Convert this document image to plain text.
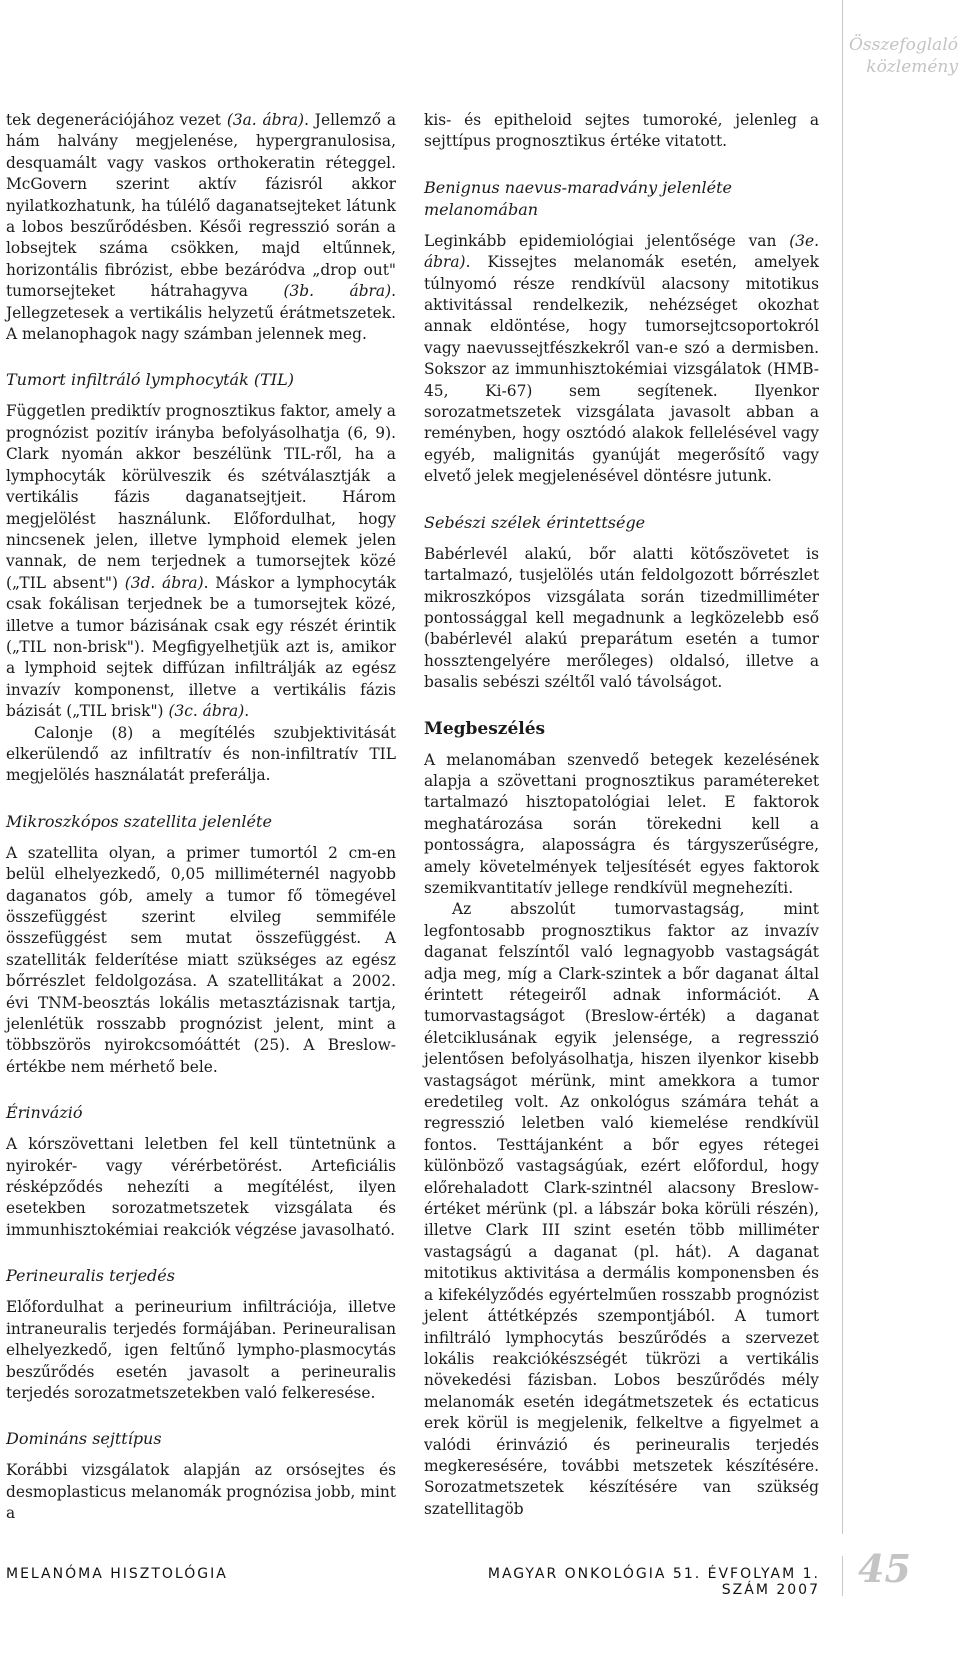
Összefoglaló
közlemény

tek degenerációjához vezet (3a. ábra). Jellemző a hám halvány megjelenése, hypergranulosisa, desquamált vagy vaskos orthokeratin réteggel. McGovern szerint aktív fázisról akkor nyilatkozhatunk, ha túlélő daganatsejteket látunk a lobos beszűrődésben. Késői regresszió során a lobsejtek száma csökken, majd eltűnnek, horizontális fibrózist, ebbe bezáródva „drop out" tumorsejteket hátrahagyva (3b. ábra). Jellegzetesek a vertikális helyzetű érátmetszetek. A melanophagok nagy számban jelennek meg.

Tumort infiltráló lymphocyták (TIL)

Független prediktív prognosztikus faktor, amely a prognózist pozitív irányba befolyásolhatja (6, 9). Clark nyomán akkor beszélünk TIL-ről, ha a lymphocyták körülveszik és szétválasztják a vertikális fázis daganatsejtjeit. Három megjelölést használunk. Előfordulhat, hogy nincsenek jelen, illetve lymphoid elemek jelen vannak, de nem terjednek a tumorsejtek közé („TIL absent") (3d. ábra). Máskor a lymphocyták csak fokálisan terjednek be a tumorsejtek közé, illetve a tumor bázisának csak egy részét érintik („TIL non-brisk"). Megfigyelhetjük azt is, amikor a lymphoid sejtek diffúzan infiltrálják az egész invazív komponenst, illetve a vertikális fázis bázisát („TIL brisk") (3c. ábra).

Calonje (8) a megítélés szubjektivitását elkerülendő az infiltratív és non-infiltratív TIL megjelölés használatát preferálja.

Mikroszkópos szatellita jelenléte

A szatellita olyan, a primer tumortól 2 cm-en belül elhelyezkedő, 0,05 milliméternél nagyobb daganatos gób, amely a tumor fő tömegével összefüggést szerint elvileg semmiféle összefüggést sem mutat összefüggést. A szatelliták felderítése miatt szükséges az egész bőrrészlet feldolgozása. A szatellitákat a 2002. évi TNM-beosztás lokális metasztázisnak tartja, jelenlétük rosszabb prognózist jelent, mint a többszörös nyirokcsomóáttét (25). A Breslow-értékbe nem mérhető bele.

Érinvázió

A kórszövettani leletben fel kell tüntetnünk a nyirokér- vagy vérérbetörést. Arteficiális résképződés nehezíti a megítélést, ilyen esetekben sorozatmetszetek vizsgálata és immunhisztokémiai reakciók végzése javasolható.

Perineuralis terjedés

Előfordulhat a perineurium infiltrációja, illetve intraneuralis terjedés formájában. Perineuralisan elhelyezkedő, igen feltűnő lympho-plasmocytás beszűrődés esetén javasolt a perineuralis terjedés sorozatmetszetekben való felkeresése.

Domináns sejttípus

Korábbi vizsgálatok alapján az orsósejtes és desmoplasticus melanomák prognózisa jobb, mint a

kis- és epitheloid sejtes tumoroké, jelenleg a sejttípus prognosztikus értéke vitatott.

Benignus naevus-maradvány jelenléte melanomában

Leginkább epidemiológiai jelentősége van (3e. ábra). Kissejtes melanomák esetén, amelyek túlnyomó része rendkívül alacsony mitotikus aktivitással rendelkezik, nehézséget okozhat annak eldöntése, hogy tumorsejtcsoportokról vagy naevussejtfészkekről van-e szó a dermisben. Sokszor az immunhisztokémiai vizsgálatok (HMB-45, Ki-67) sem segítenek. Ilyenkor sorozatmetszetek vizsgálata javasolt abban a reményben, hogy osztódó alakok fellelésével vagy egyéb, malignitás gyanúját megerősítő vagy elvető jelek megjelenésével döntésre jutunk.

Sebészi szélek érintettsége

Babérlevél alakú, bőr alatti kötőszövetet is tartalmazó, tusjelölés után feldolgozott bőrrészlet mikroszkópos vizsgálata során tizedmilliméter pontossággal kell megadnunk a legközelebb eső (babérlevél alakú preparátum esetén a tumor hossztengelyére merőleges) oldalsó, illetve a basalis sebészi széltől való távolságot.

Megbeszélés

A melanomában szenvedő betegek kezelésének alapja a szövettani prognosztikus paramétereket tartalmazó hisztopatológiai lelet. E faktorok meghatározása során törekedni kell a pontosságra, alaposságra és tárgyszerűségre, amely követelmények teljesítését egyes faktorok szemikvantitatív jellege rendkívül megnehezíti.

Az abszolút tumorvastagság, mint legfontosabb prognosztikus faktor az invazív daganat felszíntől való legnagyobb vastagságát adja meg, míg a Clark-szintek a bőr daganat által érintett rétegeiről adnak információt. A tumorvastagságot (Breslow-érték) a daganat életciklusának egyik jelensége, a regresszió jelentősen befolyásolhatja, hiszen ilyenkor kisebb vastagságot mérünk, mint amekkora a tumor eredetileg volt. Az onkológus számára tehát a regresszió leletben való kiemelése rendkívül fontos. Testtájanként a bőr egyes rétegei különböző vastagságúak, ezért előfordul, hogy előrehaladott Clark-szintnél alacsony Breslow-értéket mérünk (pl. a lábszár boka körüli részén), illetve Clark III szint esetén több milliméter vastagságú a daganat (pl. hát). A daganat mitotikus aktivitása a dermális komponensben és a kifekélyződés egyértelműen rosszabb prognózist jelent áttétképzés szempontjából. A tumort infiltráló lymphocytás beszűrődés a szervezet lokális reakciókészségét tükrözi a vertikális növekedési fázisban. Lobos beszűrődés mély melanomák esetén idegátmetszetek és ectaticus erek körül is megjelenik, felkeltve a figyelmet a valódi érinvázió és perineuralis terjedés megkeresésére, további metszetek készítésére. Sorozatmetszetek készítésére van szükség szatellitagöb

MELANÓMA HISZTOLÓGIA	MAGYAR ONKOLÓGIA 51. ÉVFOLYAM 1. SZÁM 2007 45
